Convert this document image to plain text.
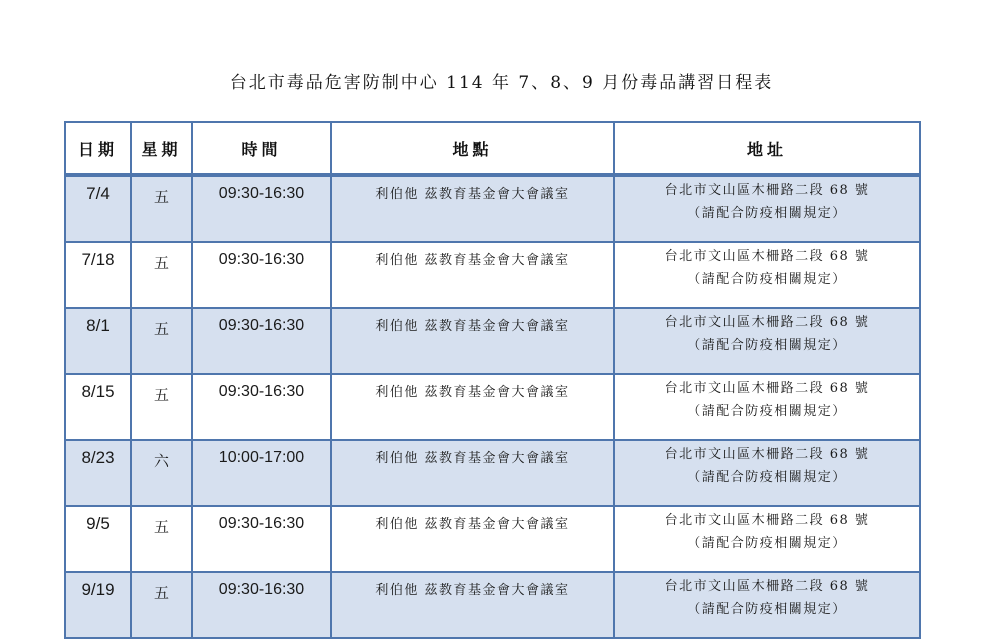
台北市毒品危害防制中心 114 年 7、8、9 月份毒品講習日程表
日期	星期	時間	地點	地址
7/4	五	09:30-16:30	利伯他 茲教育基金會大會議室	台北市文山區木柵路二段 68 號
（請配合防疫相關規定）

7/18	五	09:30-16:30	利伯他 茲教育基金會大會議室	台北市文山區木柵路二段 68 號
（請配合防疫相關規定）

8/1	五	09:30-16:30	利伯他 茲教育基金會大會議室	台北市文山區木柵路二段 68 號
（請配合防疫相關規定）

8/15	五	09:30-16:30	利伯他 茲教育基金會大會議室	台北市文山區木柵路二段 68 號
（請配合防疫相關規定）

8/23	六	10:00-17:00	利伯他 茲教育基金會大會議室	台北市文山區木柵路二段 68 號
（請配合防疫相關規定）

9/5	五	09:30-16:30	利伯他 茲教育基金會大會議室	台北市文山區木柵路二段 68 號
（請配合防疫相關規定）

9/19	五	09:30-16:30	利伯他 茲教育基金會大會議室	台北市文山區木柵路二段 68 號
（請配合防疫相關規定）
